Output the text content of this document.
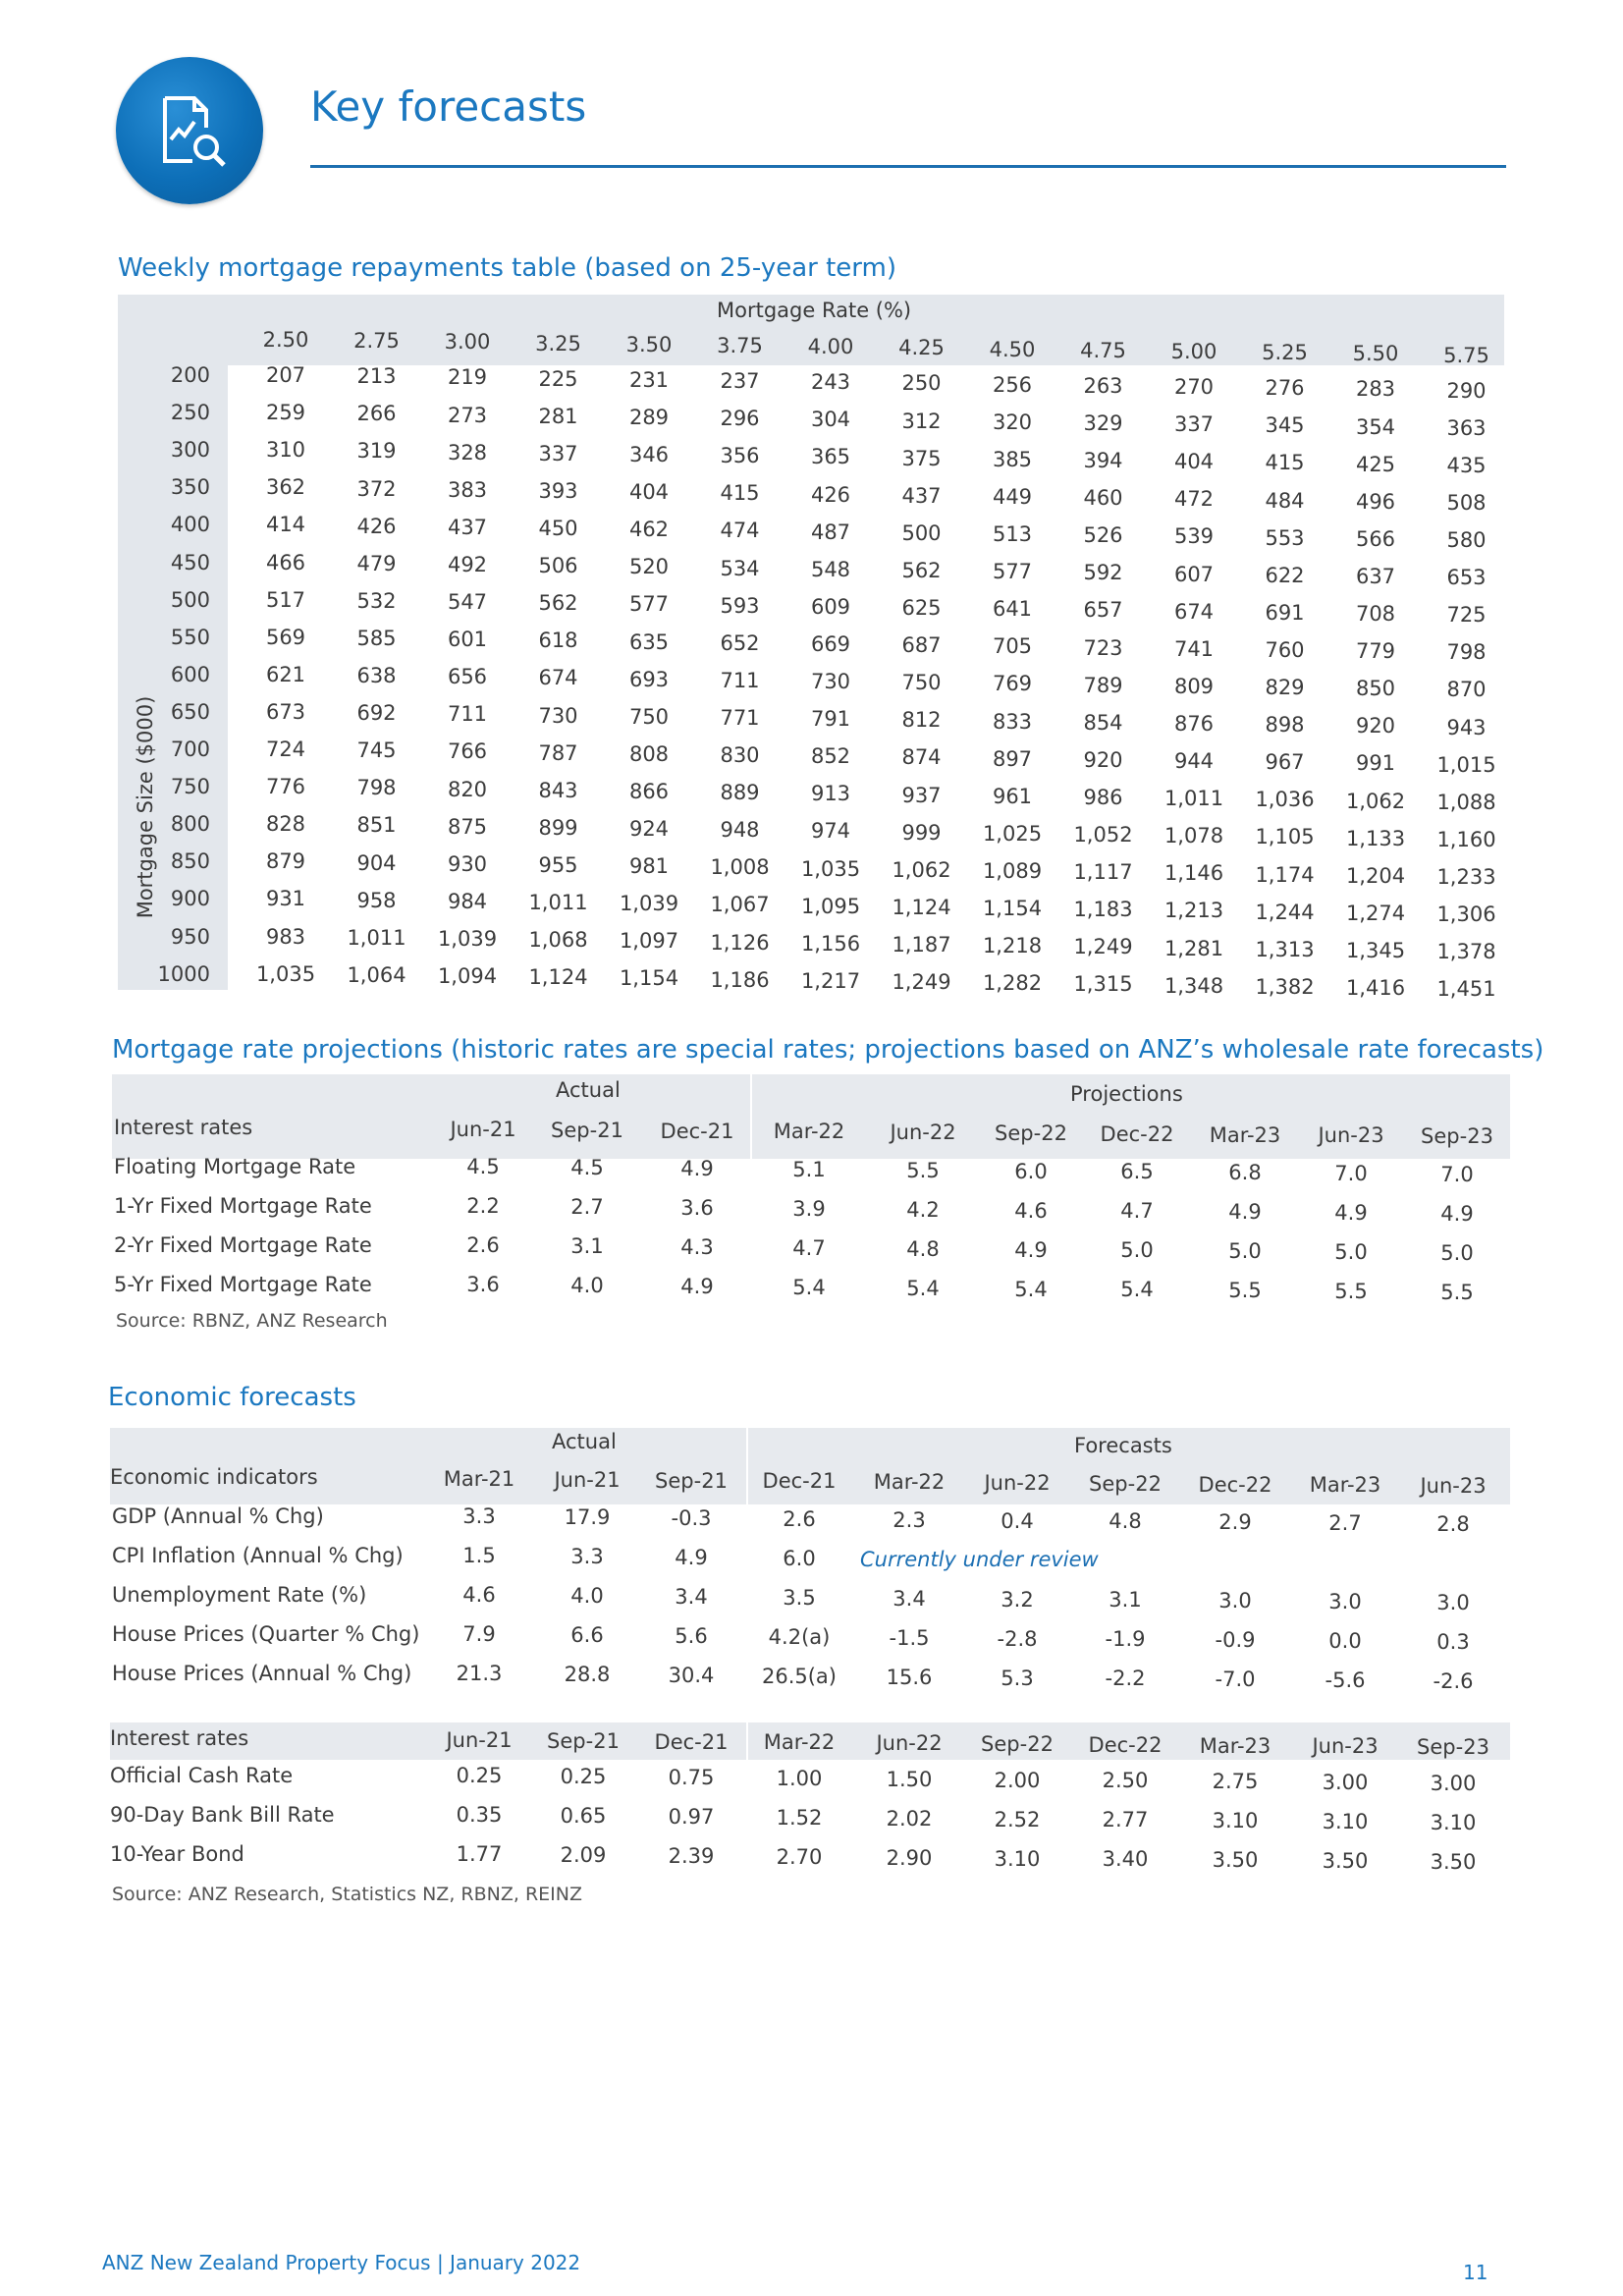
Key forecasts
Weekly mortgage repayments table (based on 25-year term)
Mortgage Rate (%)
Mortgage Size ($000)
2.50	2.75	3.00	3.25	3.50	3.75	4.00	4.25	4.50	4.75	5.00	5.25	5.50	5.75
200	207	213	219	225	231	237	243	250	256	263	270	276	283	290
250	259	266	273	281	289	296	304	312	320	329	337	345	354	363
300	310	319	328	337	346	356	365	375	385	394	404	415	425	435
350	362	372	383	393	404	415	426	437	449	460	472	484	496	508
400	414	426	437	450	462	474	487	500	513	526	539	553	566	580
450	466	479	492	506	520	534	548	562	577	592	607	622	637	653
500	517	532	547	562	577	593	609	625	641	657	674	691	708	725
550	569	585	601	618	635	652	669	687	705	723	741	760	779	798
600	621	638	656	674	693	711	730	750	769	789	809	829	850	870
650	673	692	711	730	750	771	791	812	833	854	876	898	920	943
700	724	745	766	787	808	830	852	874	897	920	944	967	991	1,015
750	776	798	820	843	866	889	913	937	961	986	1,011	1,036	1,062	1,088
800	828	851	875	899	924	948	974	999	1,025	1,052	1,078	1,105	1,133	1,160
850	879	904	930	955	981	1,008	1,035	1,062	1,089	1,117	1,146	1,174	1,204	1,233
900	931	958	984	1,011	1,039	1,067	1,095	1,124	1,154	1,183	1,213	1,244	1,274	1,306
950	983	1,011	1,039	1,068	1,097	1,126	1,156	1,187	1,218	1,249	1,281	1,313	1,345	1,378
1000	1,035	1,064	1,094	1,124	1,154	1,186	1,217	1,249	1,282	1,315	1,348	1,382	1,416	1,451
Mortgage rate projections (historic rates are special rates; projections based on ANZ’s wholesale rate forecasts)
Actual	Projections
Interest rates	Jun-21	Sep-21	Dec-21	Mar-22	Jun-22	Sep-22	Dec-22	Mar-23	Jun-23	Sep-23
Floating Mortgage Rate	4.5	4.5	4.9	5.1	5.5	6.0	6.5	6.8	7.0	7.0
1-Yr Fixed Mortgage Rate	2.2	2.7	3.6	3.9	4.2	4.6	4.7	4.9	4.9	4.9
2-Yr Fixed Mortgage Rate	2.6	3.1	4.3	4.7	4.8	4.9	5.0	5.0	5.0	5.0
5-Yr Fixed Mortgage Rate	3.6	4.0	4.9	5.4	5.4	5.4	5.4	5.5	5.5	5.5
Source: RBNZ, ANZ Research
Economic forecasts
Actual	Forecasts
Economic indicators	Mar-21	Jun-21	Sep-21	Dec-21	Mar-22	Jun-22	Sep-22	Dec-22	Mar-23	Jun-23
GDP (Annual % Chg)	3.3	17.9	-0.3	2.6	2.3	0.4	4.8	2.9	2.7	2.8
CPI Inflation (Annual % Chg)	1.5	3.3	4.9	6.0
Unemployment Rate (%)	4.6	4.0	3.4	3.5	3.4	3.2	3.1	3.0	3.0	3.0
House Prices (Quarter % Chg)	7.9	6.6	5.6	4.2(a)	-1.5	-2.8	-1.9	-0.9	0.0	0.3
House Prices (Annual % Chg)	21.3	28.8	30.4	26.5(a)	15.6	5.3	-2.2	-7.0	-5.6	-2.6
Currently under review
Interest rates	Jun-21	Sep-21	Dec-21	Mar-22	Jun-22	Sep-22	Dec-22	Mar-23	Jun-23	Sep-23
Official Cash Rate	0.25	0.25	0.75	1.00	1.50	2.00	2.50	2.75	3.00	3.00
90-Day Bank Bill Rate	0.35	0.65	0.97	1.52	2.02	2.52	2.77	3.10	3.10	3.10
10-Year Bond	1.77	2.09	2.39	2.70	2.90	3.10	3.40	3.50	3.50	3.50
Source: ANZ Research, Statistics NZ, RBNZ, REINZ
ANZ New Zealand Property Focus | January 2022	11
